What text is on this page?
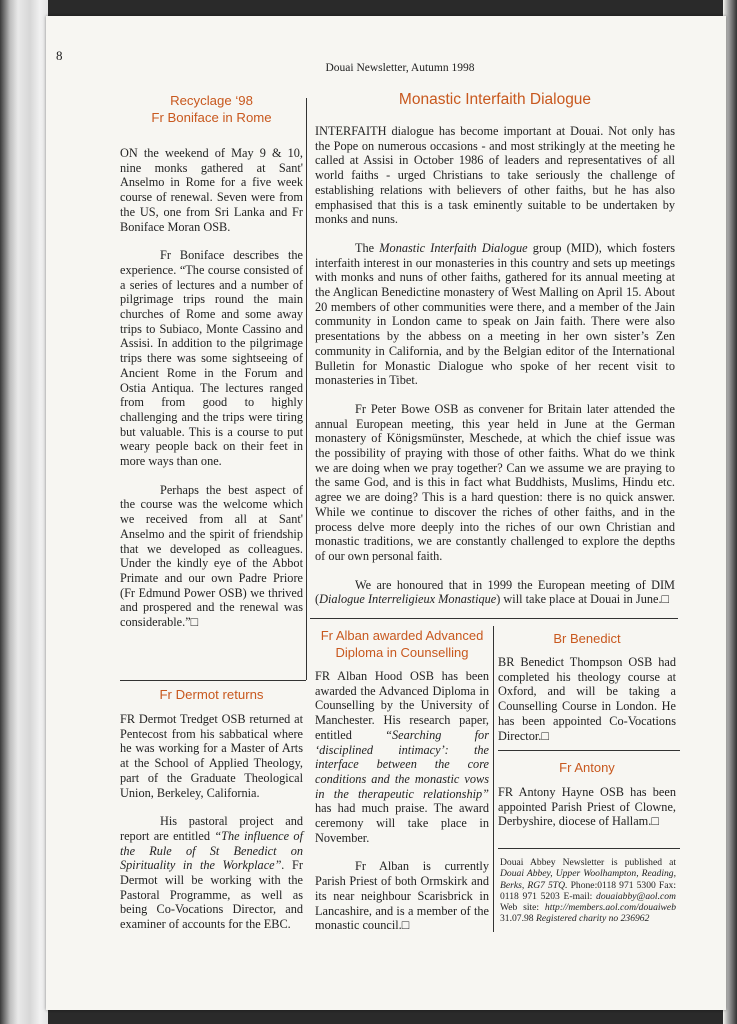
8
Douai Newsletter, Autumn 1998
Recyclage ‘98
Fr Boniface in Rome

ON the weekend of May 9 & 10, nine monks gathered at Sant' Anselmo in Rome for a five week course of renewal. Seven were from the US, one from Sri Lanka and Fr Boniface Moran OSB.

Fr Boniface describes the experience. “The course consisted of a series of lectures and a number of pilgrimage trips round the main churches of Rome and some away trips to Subiaco, Monte Cassino and Assisi. In addition to the pilgrimage trips there was some sightseeing of Ancient Rome in the Forum and Ostia Antiqua. The lectures ranged from from good to highly challenging and the trips were tiring but valuable. This is a course to put weary people back on their feet in more ways than one.

Perhaps the best aspect of the course was the welcome which we received from all at Sant' Anselmo and the spirit of friendship that we developed as colleagues. Under the kindly eye of the Abbot Primate and our own Padre Priore (Fr Edmund Power OSB) we thrived and prospered and the renewal was considerable.”□

Fr Dermot returns

FR Dermot Tredget OSB returned at Pentecost from his sabbatical where he was working for a Master of Arts at the School of Applied Theology, part of the Graduate Theological Union, Berkeley, California.

His pastoral project and report are entitled “The influence of the Rule of St Benedict on Spirituality in the Workplace”. Fr Dermot will be working with the Pastoral Programme, as well as being Co-Vocations Director, and examiner of accounts for the EBC.

Monastic Interfaith Dialogue

INTERFAITH dialogue has become important at Douai. Not only has the Pope on numerous occasions - and most strikingly at the meeting he called at Assisi in October 1986 of leaders and representatives of all world faiths - urged Christians to take seriously the challenge of establishing relations with believers of other faiths, but he has also emphasised that this is a task eminently suitable to be undertaken by monks and nuns.

The Monastic Interfaith Dialogue group (MID), which fosters interfaith interest in our monasteries in this country and sets up meetings with monks and nuns of other faiths, gathered for its annual meeting at the Anglican Benedictine monastery of West Malling on April 15. About 20 members of other communities were there, and a member of the Jain community in London came to speak on Jain faith. There were also presentations by the abbess on a meeting in her own sister’s Zen community in California, and by the Belgian editor of the International Bulletin for Monastic Dialogue who spoke of her recent visit to monasteries in Tibet.

Fr Peter Bowe OSB as convener for Britain later attended the annual European meeting, this year held in June at the German monastery of Königsmünster, Meschede, at which the chief issue was the possibility of praying with those of other faiths. What do we think we are doing when we pray together? Can we assume we are praying to the same God, and is this in fact what Buddhists, Muslims, Hindu etc. agree we are doing? This is a hard question: there is no quick answer. While we continue to discover the riches of other faiths, and in the process delve more deeply into the riches of our own Christian and monastic traditions, we are constantly challenged to explore the depths of our own personal faith.

We are honoured that in 1999 the European meeting of DIM (Dialogue Interreligieux Monastique) will take place at Douai in June.□

Fr Alban awarded Advanced
Diploma in Counselling

FR Alban Hood OSB has been awarded the Advanced Diploma in Counselling by the University of Manchester. His research paper, entitled “Searching for ‘disciplined intimacy’: the interface between the core conditions and the monastic vows in the therapeutic relationship” has had much praise. The award ceremony will take place in November.

Fr Alban is currently Parish Priest of both Ormskirk and its near neighbour Scarisbrick in Lancashire, and is a member of the monastic council.□

Br Benedict

BR Benedict Thompson OSB had completed his theology course at Oxford, and will be taking a Counselling Course in London. He has been appointed Co-Vocations Director.□

Fr Antony

FR Antony Hayne OSB has been appointed Parish Priest of Clowne, Derbyshire, diocese of Hallam.□

Douai Abbey Newsletter is published at Douai Abbey, Upper Woolhampton, Reading, Berks, RG7 5TQ. Phone:0118 971 5300 Fax: 0118 971 5203 E-mail: douaiabby@aol.com Web site: http://members.aol.com/douaiweb 31.07.98 Registered charity no 236962
